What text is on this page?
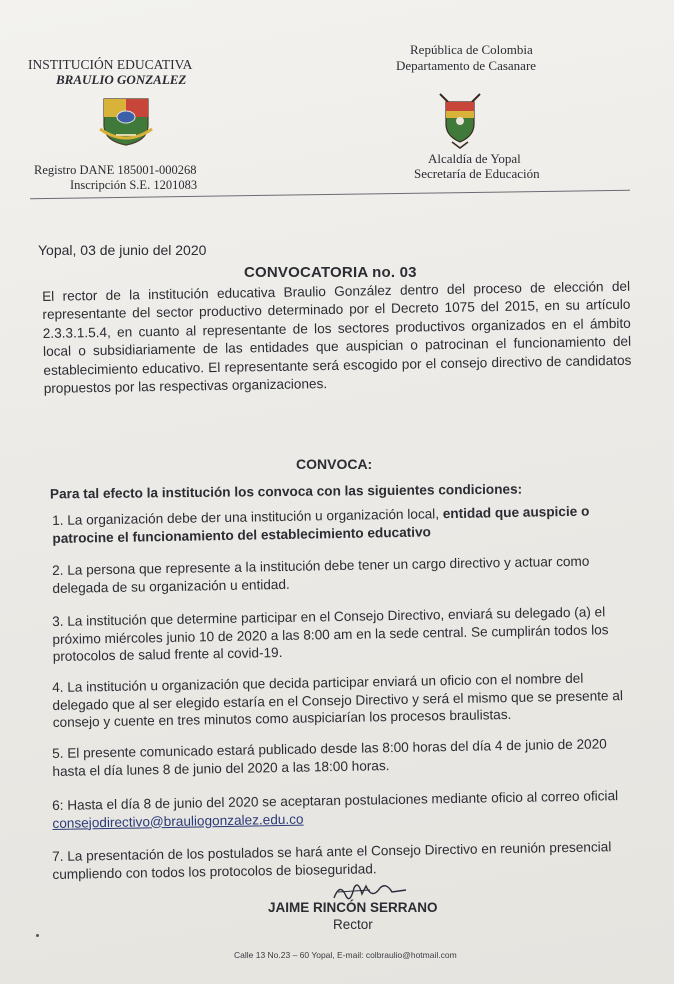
INSTITUCIÓN EDUCATIVA
BRAULIO GONZALEZ
República de Colombia
Departamento de Casanare
Registro DANE 185001-000268
Inscripción S.E. 1201083
Alcaldía de Yopal
Secretaría de Educación
Yopal, 03 de junio del 2020
CONVOCATORIA no. 03
El rector de la institución educativa Braulio González dentro del proceso de elección del representante del sector productivo determinado por el Decreto 1075 del 2015, en su artículo 2.3.3.1.5.4, en cuanto al representante de los sectores productivos organizados en el ámbito local o subsidiariamente de las entidades que auspician o patrocinan el funcionamiento del establecimiento educativo. El representante será escogido por el consejo directivo de candidatos propuestos por las respectivas organizaciones.
CONVOCA:
Para tal efecto la institución los convoca con las siguientes condiciones:
1. La organización debe der una institución u organización local, entidad que auspicie o patrocine el funcionamiento del establecimiento educativo
2. La persona que represente a la institución debe tener un cargo directivo y actuar como delegada de su organización u entidad.
3. La institución que determine participar en el Consejo Directivo, enviará su delegado (a) el próximo miércoles junio 10 de 2020 a las 8:00 am en la sede central. Se cumplirán todos los protocolos de salud frente al covid-19.
4. La institución u organización que decida participar enviará un oficio con el nombre del delegado que al ser elegido estaría en el Consejo Directivo y será el mismo que se presente al consejo y cuente en tres minutos como auspiciarían los procesos braulistas.
5. El presente comunicado estará publicado desde las 8:00 horas del día 4 de junio de 2020 hasta el día lunes 8 de junio del 2020 a las 18:00 horas.
6: Hasta el día 8 de junio del 2020 se aceptaran postulaciones mediante oficio al correo oficial
consejodirectivo@brauliogonzalez.edu.co
7. La presentación de los postulados se hará ante el Consejo Directivo en reunión presencial cumpliendo con todos los protocolos de bioseguridad.
JAIME RINCÓN SERRANO
Rector
Calle 13 No.23 – 60 Yopal, E-mail: colbraulio@hotmail.com
